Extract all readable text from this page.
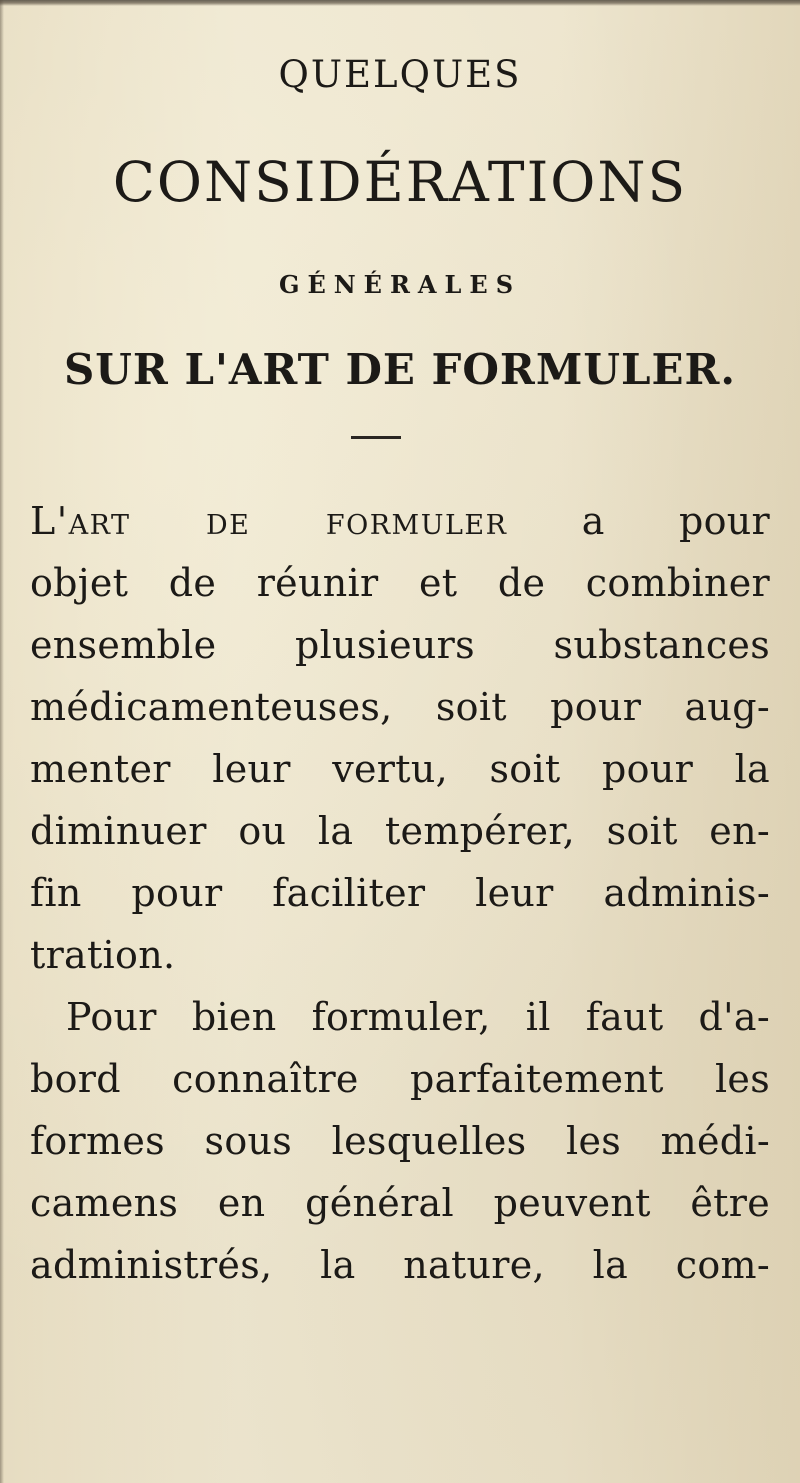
QUELQUES
CONSIDÉRATIONS
GÉNÉRALES
SUR L'ART DE FORMULER.
L'art de formuler a pour
objet de réunir et de combiner
ensemble plusieurs substances
médicamenteuses, soit pour aug-
menter leur vertu, soit pour la
diminuer ou la tempérer, soit en-
fin pour faciliter leur adminis-
tration.
Pour bien formuler, il faut d'a-
bord connaître parfaitement les
formes sous lesquelles les médi-
camens en général peuvent être
administrés, la nature, la com-
